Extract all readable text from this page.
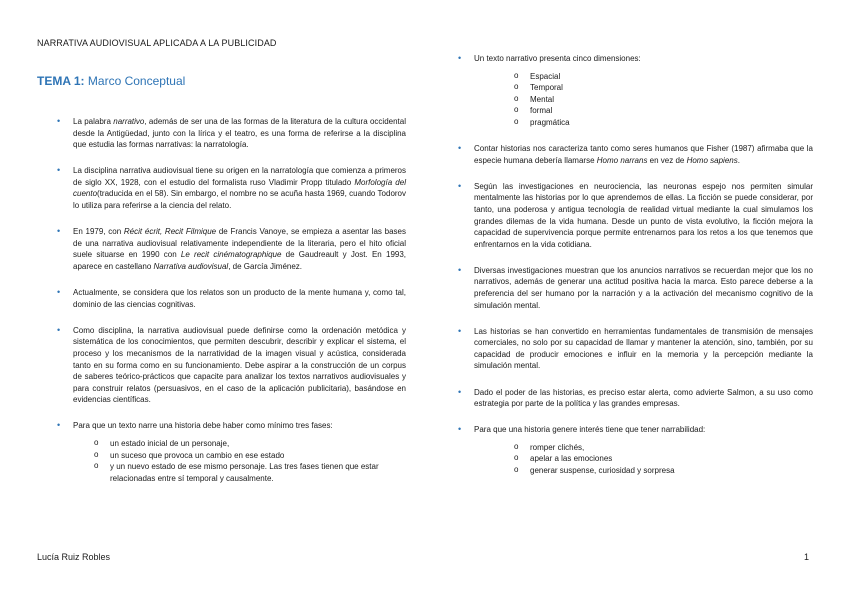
NARRATIVA AUDIOVISUAL APLICADA A LA PUBLICIDAD
TEMA 1: Marco Conceptual
• La palabra narrativo, además de ser una de las formas de la literatura de la cultura occidental desde la Antigüedad, junto con la lírica y el teatro, es una forma de referirse a la disciplina que estudia las formas narrativas: la narratología.
• La disciplina narrativa audiovisual tiene su origen en la narratología que comienza a primeros de siglo XX, 1928, con el estudio del formalista ruso Vladimir Propp titulado Morfología del cuento(traducida en el 58). Sin embargo, el nombre no se acuña hasta 1969, cuando Todorov lo utiliza para referirse a la ciencia del relato.
• En 1979, con Récit écrit, Recit Filmique de Francis Vanoye, se empieza a asentar las bases de una narrativa audiovisual relativamente independiente de la literaria, pero el hito oficial suele situarse en 1990 con Le recit cinématographique de Gaudreault y Jost. En 1993, aparece en castellano Narrativa audiovisual, de García Jiménez.
• Actualmente, se considera que los relatos son un producto de la mente humana y, como tal, dominio de las ciencias cognitivas.
• Como disciplina, la narrativa audiovisual puede definirse como la ordenación metódica y sistemática de los conocimientos, que permiten descubrir, describir y explicar el sistema, el proceso y los mecanismos de la narratividad de la imagen visual y acústica, considerada tanto en su forma como en su funcionamiento. Debe aspirar a la construcción de un corpus de saberes teórico-prácticos que capacite para analizar los textos narrativos audiovisuales y para construir relatos (persuasivos, en el caso de la aplicación publicitaria), basándose en evidencias científicas.
• Para que un texto narre una historia debe haber como mínimo tres fases:
o un estado inicial de un personaje,
o un suceso que provoca un cambio en ese estado
o y un nuevo estado de ese mismo personaje. Las tres fases tienen que estar relacionadas entre sí temporal y causalmente.
• Un texto narrativo presenta cinco dimensiones:
o Espacial
o Temporal
o Mental
o formal
o pragmática
• Contar historias nos caracteriza tanto como seres humanos que Fisher (1987) afirmaba que la especie humana debería llamarse Homo narrans en vez de Homo sapiens.
• Según las investigaciones en neurociencia, las neuronas espejo nos permiten simular mentalmente las historias por lo que aprendemos de ellas. La ficción se puede considerar, por tanto, una poderosa y antigua tecnología de realidad virtual mediante la cual simulamos los grandes dilemas de la vida humana. Desde un punto de vista evolutivo, la ficción mejora la capacidad de supervivencia porque permite entrenarnos para los retos a los que tenemos que enfrentarnos en la vida cotidiana.
• Diversas investigaciones muestran que los anuncios narrativos se recuerdan mejor que los no narrativos, además de generar una actitud positiva hacia la marca. Esto parece deberse a la preferencia del ser humano por la narración y a la activación del mecanismo cognitivo de la simulación mental.
• Las historias se han convertido en herramientas fundamentales de transmisión de mensajes comerciales, no solo por su capacidad de llamar y mantener la atención, sino, también, por su capacidad de producir emociones e influir en la memoria y la percepción mediante la simulación mental.
• Dado el poder de las historias, es preciso estar alerta, como advierte Salmon, a su uso como estrategia por parte de la política y las grandes empresas.
• Para que una historia genere interés tiene que tener narrabilidad:
o romper clichés,
o apelar a las emociones
o generar suspense, curiosidad y sorpresa
Lucía Ruiz Robles	1
